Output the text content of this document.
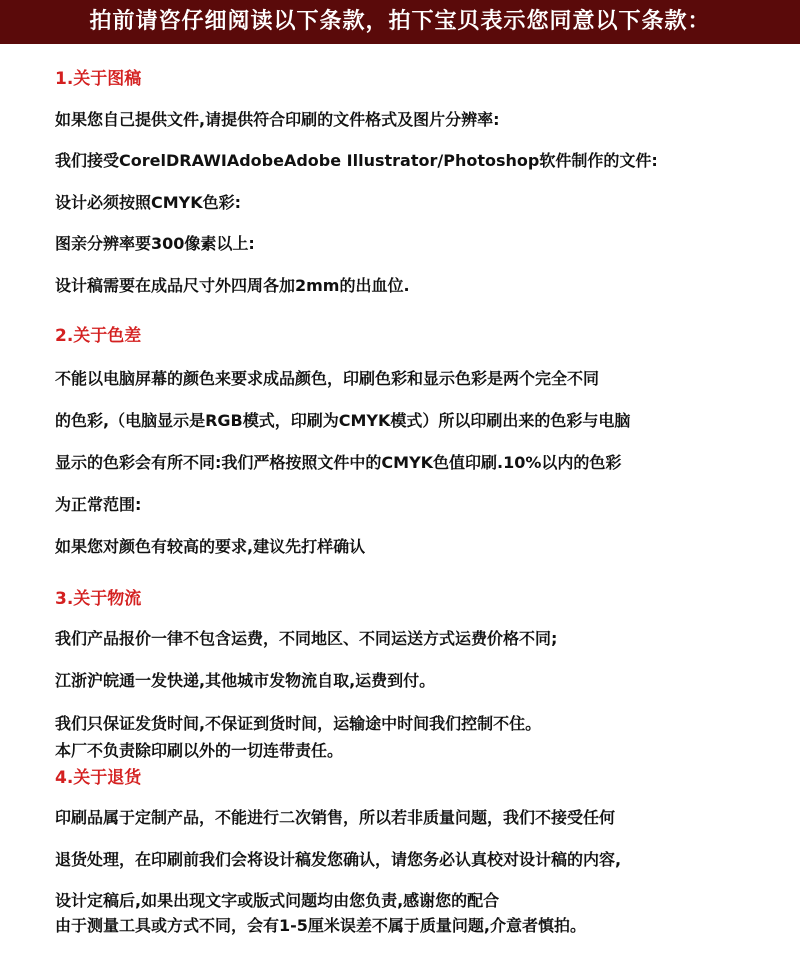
拍前请咨仔细阅读以下条款，拍下宝贝表示您同意以下条款：
1.关于图稿
如果您自己提供文件,请提供符合印刷的文件格式及图片分辨率:
我们接受CorelDRAWIAdobeAdobe Illustrator/Photoshop软件制作的文件:
设计必须按照CMYK色彩:
图亲分辨率要300像素以上:
设计稿需要在成品尺寸外四周各加2mm的出血位.
2.关于色差
不能以电脑屏幕的颜色来要求成品颜色，印刷色彩和显示色彩是两个完全不同
的色彩,（电脑显示是RGB模式，印刷为CMYK模式）所以印刷出来的色彩与电脑
显示的色彩会有所不同:我们严格按照文件中的CMYK色值印刷.10%以内的色彩
为正常范围:
如果您对颜色有较高的要求,建议先打样确认
3.关于物流
我们产品报价一律不包含运费，不同地区、不同运送方式运费价格不同;
江浙沪皖通一发快递,其他城市发物流自取,运费到付。
我们只保证发货时间,不保证到货时间，运输途中时间我们控制不住。
本厂不负责除印刷以外的一切连带责任。
4.关于退货
印刷品属于定制产品，不能进行二次销售，所以若非质量问题，我们不接受任何
退货处理，在印刷前我们会将设计稿发您确认，请您务必认真校对设计稿的内容,
设计定稿后,如果出现文字或版式问题均由您负责,感谢您的配合
由于测量工具或方式不同，会有1-5厘米误差不属于质量问题,介意者慎拍。
